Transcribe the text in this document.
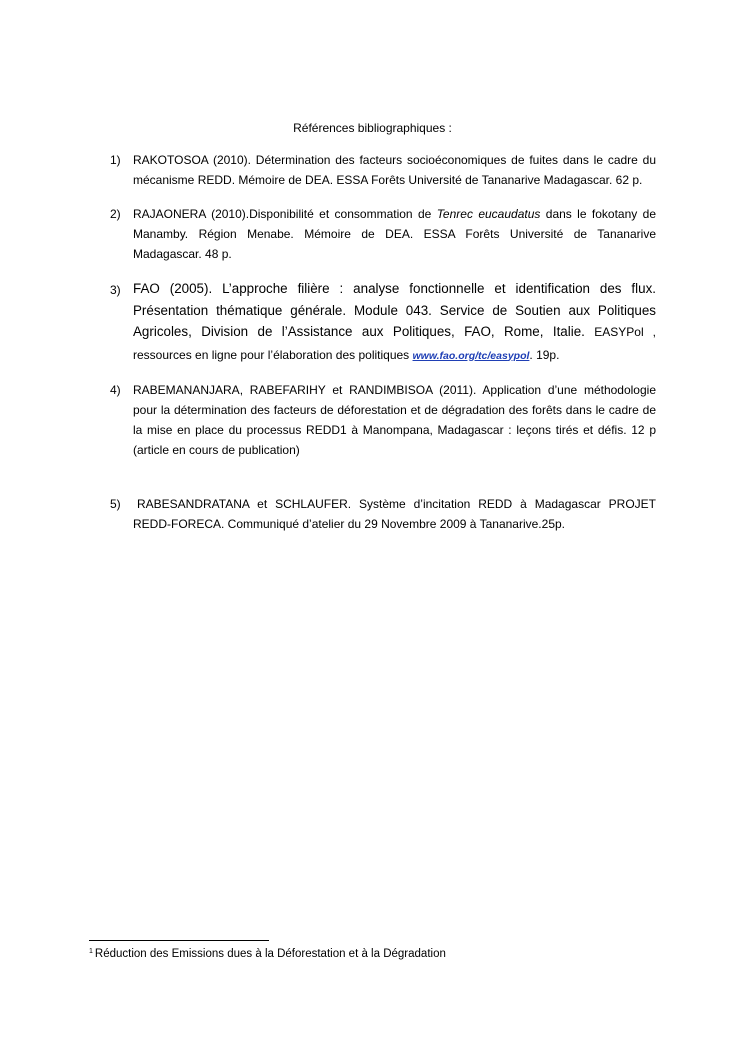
Références bibliographiques :
1) RAKOTOSOA (2010). Détermination des facteurs socioéconomiques de fuites dans le cadre du mécanisme REDD. Mémoire de DEA. ESSA Forêts Université de Tananarive Madagascar. 62 p.
2) RAJAONERA (2010).Disponibilité et consommation de Tenrec eucaudatus dans le fokotany de Manamby. Région Menabe. Mémoire de DEA. ESSA Forêts Université de Tananarive Madagascar. 48 p.
3) FAO (2005). L’approche filière : analyse fonctionnelle et identification des flux. Présentation thématique générale. Module 043. Service de Soutien aux Politiques Agricoles, Division de l’Assistance aux Politiques, FAO, Rome, Italie. EASYPol , ressources en ligne pour l’élaboration des politiques www.fao.org/tc/easypol. 19p.
4) RABEMANANJARA, RABEFARIHY et RANDIMBISOA (2011). Application d’une méthodologie pour la détermination des facteurs de déforestation et de dégradation des forêts dans le cadre de la mise en place du processus REDD1 à Manompana, Madagascar : leçons tirés et défis. 12 p (article en cours de publication)
5)	RABESANDRATANA et SCHLAUFER. Système d’incitation REDD à Madagascar PROJET REDD-FORECA. Communiqué d’atelier du 29 Novembre 2009 à Tananarive.25p.
$^1$ Réduction des Emissions dues à la Déforestation et à la Dégradation
